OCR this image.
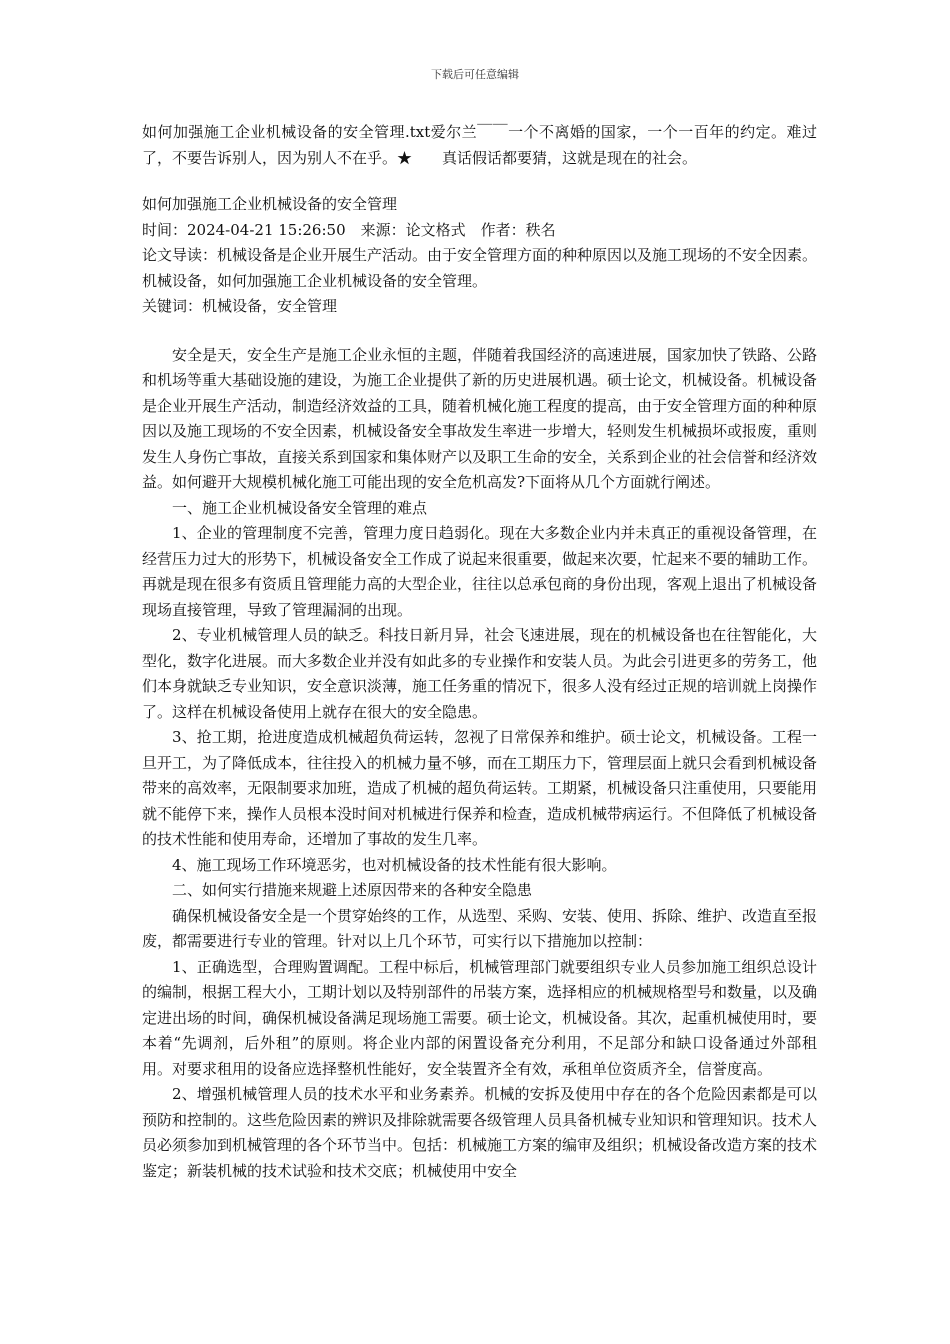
下载后可任意编辑

如何加强施工企业机械设备的安全管理.txt爱尔兰￣￣一个不离婚的国家，一个一百年的约定。难过了，不要告诉别人，因为别人不在乎。★　　真话假话都要猜，这就是现在的社会。

如何加强施工企业机械设备的安全管理

时间：2024-04-21 15:26:50　来源：论文格式　作者：秩名

论文导读：机械设备是企业开展生产活动。由于安全管理方面的种种原因以及施工现场的不安全因素。机械设备，如何加强施工企业机械设备的安全管理。

关键词：机械设备，安全管理

安全是天，安全生产是施工企业永恒的主题，伴随着我国经济的高速进展，国家加快了铁路、公路和机场等重大基础设施的建设，为施工企业提供了新的历史进展机遇。硕士论文，机械设备。机械设备是企业开展生产活动，制造经济效益的工具，随着机械化施工程度的提高，由于安全管理方面的种种原因以及施工现场的不安全因素，机械设备安全事故发生率进一步增大，轻则发生机械损坏或报废，重则发生人身伤亡事故，直接关系到国家和集体财产以及职工生命的安全，关系到企业的社会信誉和经济效益。如何避开大规模机械化施工可能出现的安全危机高发?下面将从几个方面就行阐述。

一、施工企业机械设备安全管理的难点

1、企业的管理制度不完善，管理力度日趋弱化。现在大多数企业内并未真正的重视设备管理，在经营压力过大的形势下，机械设备安全工作成了说起来很重要，做起来次要，忙起来不要的辅助工作。再就是现在很多有资质且管理能力高的大型企业，往往以总承包商的身份出现，客观上退出了机械设备现场直接管理，导致了管理漏洞的出现。

2、专业机械管理人员的缺乏。科技日新月异，社会飞速进展，现在的机械设备也在往智能化，大型化，数字化进展。而大多数企业并没有如此多的专业操作和安装人员。为此会引进更多的劳务工，他们本身就缺乏专业知识，安全意识淡薄，施工任务重的情况下，很多人没有经过正规的培训就上岗操作了。这样在机械设备使用上就存在很大的安全隐患。

3、抢工期，抢进度造成机械超负荷运转，忽视了日常保养和维护。硕士论文，机械设备。工程一旦开工，为了降低成本，往往投入的机械力量不够，而在工期压力下，管理层面上就只会看到机械设备带来的高效率，无限制要求加班，造成了机械的超负荷运转。工期紧，机械设备只注重使用，只要能用就不能停下来，操作人员根本没时间对机械进行保养和检查，造成机械带病运行。不但降低了机械设备的技术性能和使用寿命，还增加了事故的发生几率。

4、施工现场工作环境恶劣，也对机械设备的技术性能有很大影响。

二、如何实行措施来规避上述原因带来的各种安全隐患

确保机械设备安全是一个贯穿始终的工作，从选型、采购、安装、使用、拆除、维护、改造直至报废，都需要进行专业的管理。针对以上几个环节，可实行以下措施加以控制：

1、正确选型，合理购置调配。工程中标后，机械管理部门就要组织专业人员参加施工组织总设计的编制，根据工程大小，工期计划以及特别部件的吊装方案，选择相应的机械规格型号和数量，以及确定进出场的时间，确保机械设备满足现场施工需要。硕士论文，机械设备。其次，起重机械使用时，要本着“先调剂，后外租”的原则。将企业内部的闲置设备充分利用，不足部分和缺口设备通过外部租用。对要求租用的设备应选择整机性能好，安全装置齐全有效，承租单位资质齐全，信誉度高。

2、增强机械管理人员的技术水平和业务素养。机械的安拆及使用中存在的各个危险因素都是可以预防和控制的。这些危险因素的辨识及排除就需要各级管理人员具备机械专业知识和管理知识。技术人员必须参加到机械管理的各个环节当中。包括：机械施工方案的编审及组织；机械设备改造方案的技术鉴定；新装机械的技术试验和技术交底；机械使用中安全
